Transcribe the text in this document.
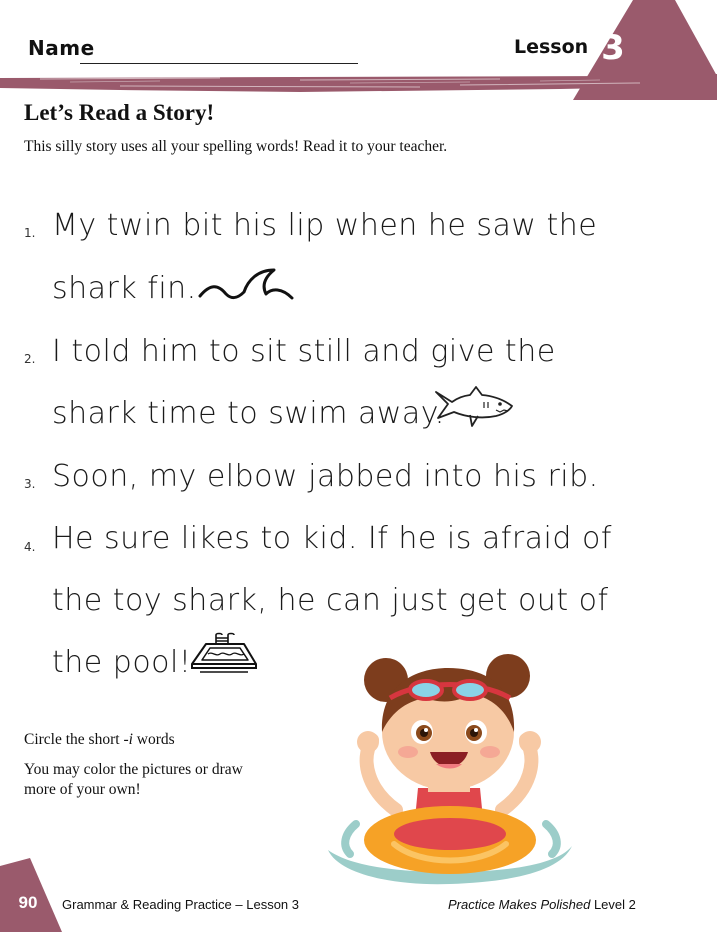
Name	Lesson 3
Let’s Read a Story!
This silly story uses all your spelling words! Read it to your teacher.
1. My twin bit his lip when he saw the
shark fin.
2. I told him to sit still and give the
shark time to swim away.
3. Soon, my elbow jabbed into his rib.
4. He sure likes to kid. If he is afraid of
the toy shark, he can just get out of
the pool!
Circle the short -i words
You may color the pictures or draw
more of your own!
90	Grammar & Reading Practice – Lesson 3	Practice Makes Polished Level 2
